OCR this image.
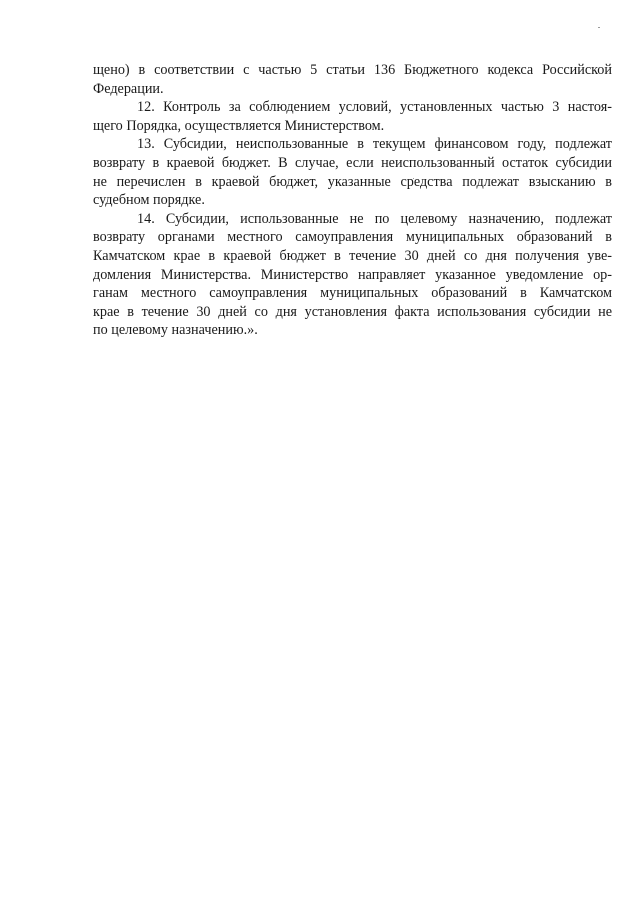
щено) в соответствии с частью 5 статьи 136 Бюджетного кодекса Российской
Федерации.

12. Контроль за соблюдением условий, установленных частью 3 настоя-
щего Порядка, осуществляется Министерством.

13. Субсидии, неиспользованные в текущем финансовом году, подлежат
возврату в краевой бюджет. В случае, если неиспользованный остаток субсидии
не перечислен в краевой бюджет, указанные средства подлежат взысканию в
судебном порядке.

14. Субсидии, использованные не по целевому назначению, подлежат
возврату органами местного самоуправления муниципальных образований в
Камчатском крае в краевой бюджет в течение 30 дней со дня получения уве-
домления Министерства. Министерство направляет указанное уведомление ор-
ганам местного самоуправления муниципальных образований в Камчатском
крае в течение 30 дней со дня установления факта использования субсидии не
по целевому назначению.».
